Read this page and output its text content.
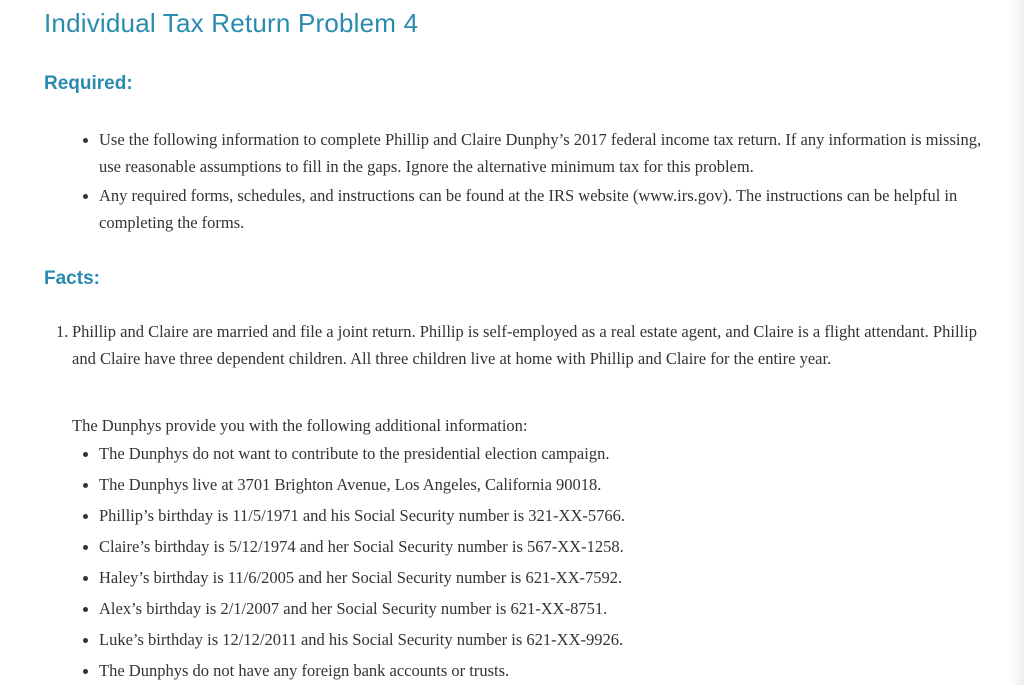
Individual Tax Return Problem 4
Required:
Use the following information to complete Phillip and Claire Dunphy’s 2017 federal income tax return. If any information is missing, use reasonable assumptions to fill in the gaps. Ignore the alternative minimum tax for this problem.
Any required forms, schedules, and instructions can be found at the IRS website (www.irs.gov). The instructions can be helpful in completing the forms.
Facts:
1. Phillip and Claire are married and file a joint return. Phillip is self-employed as a real estate agent, and Claire is a flight attendant. Phillip and Claire have three dependent children. All three children live at home with Phillip and Claire for the entire year.
The Dunphys provide you with the following additional information:
The Dunphys do not want to contribute to the presidential election campaign.
The Dunphys live at 3701 Brighton Avenue, Los Angeles, California 90018.
Phillip’s birthday is 11/5/1971 and his Social Security number is 321-XX-5766.
Claire’s birthday is 5/12/1974 and her Social Security number is 567-XX-1258.
Haley’s birthday is 11/6/2005 and her Social Security number is 621-XX-7592.
Alex’s birthday is 2/1/2007 and her Social Security number is 621-XX-8751.
Luke’s birthday is 12/12/2011 and his Social Security number is 621-XX-9926.
The Dunphys do not have any foreign bank accounts or trusts.
